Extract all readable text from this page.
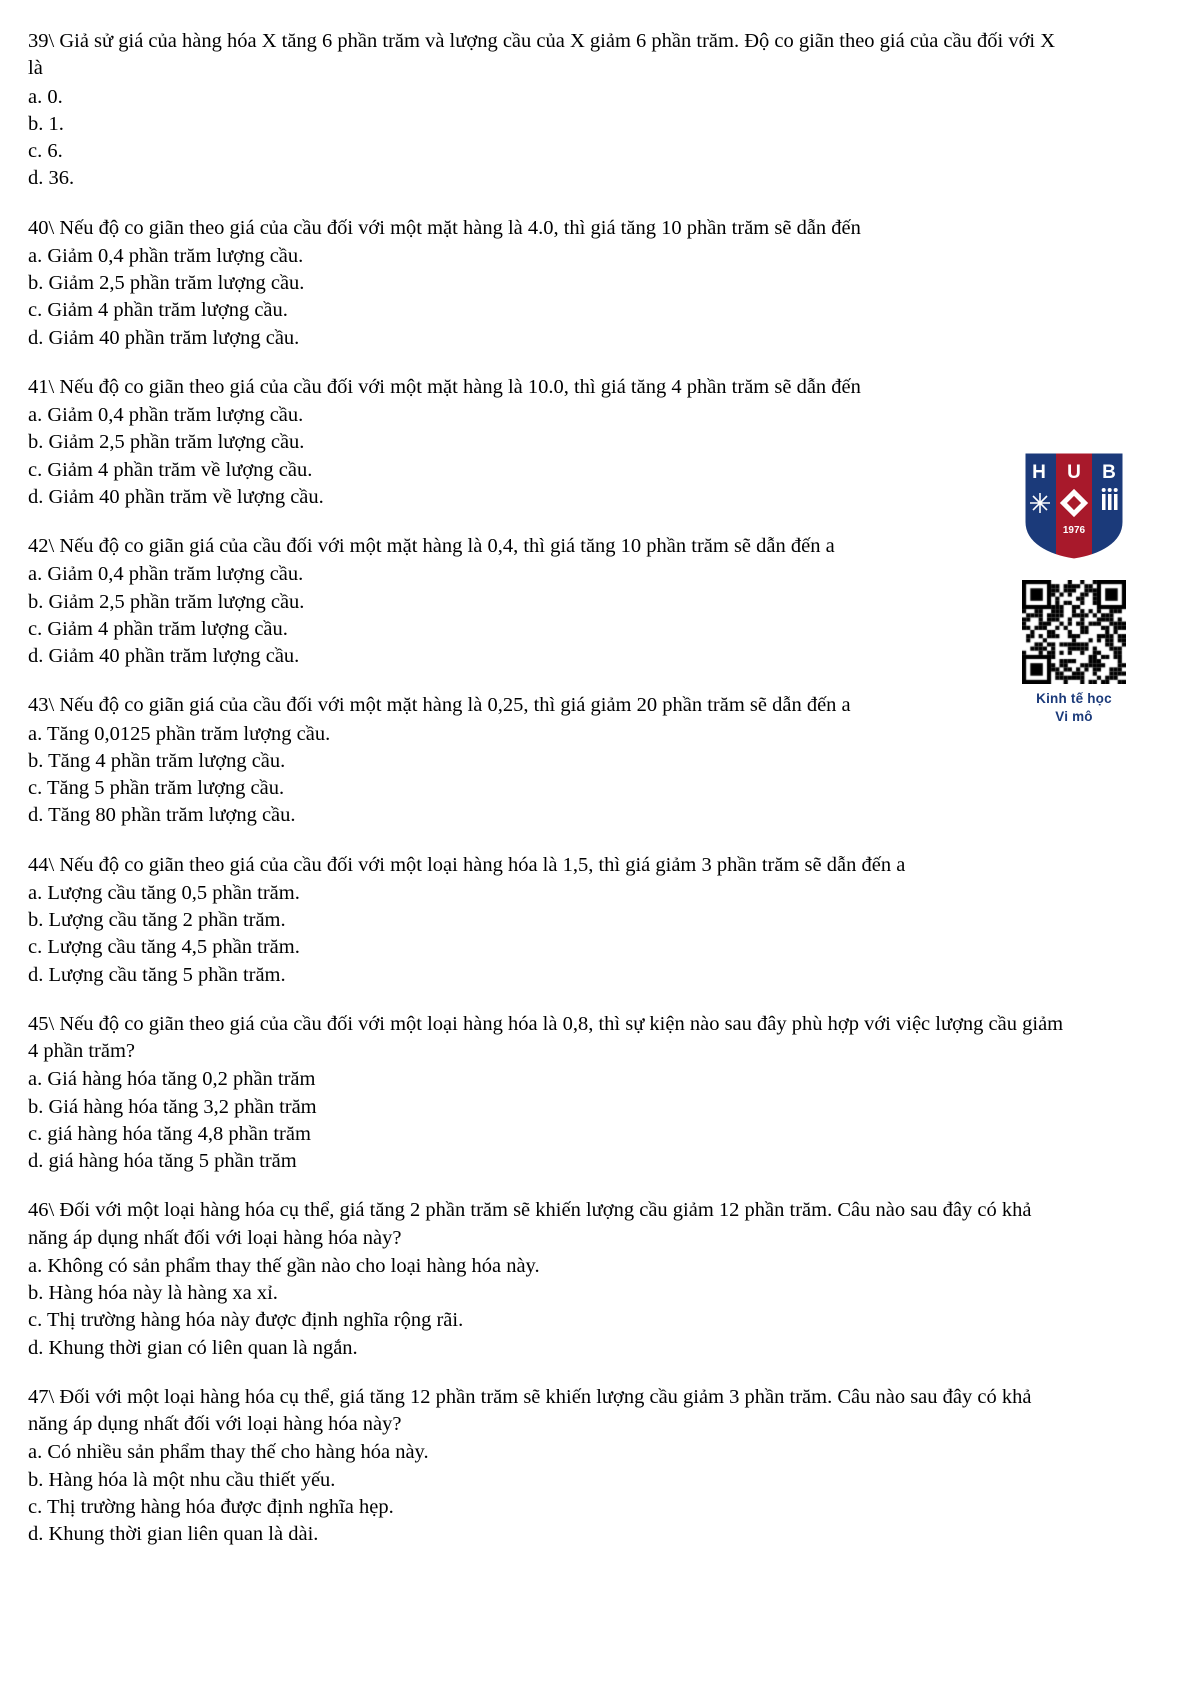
39\ Giả sử giá của hàng hóa X tăng 6 phần trăm và lượng cầu của X giảm 6 phần trăm. Độ co giãn theo giá của cầu đối với X là

a. 0.

b. 1.

c. 6.

d. 36.

40\ Nếu độ co giãn theo giá của cầu đối với một mặt hàng là 4.0, thì giá tăng 10 phần trăm sẽ dẫn đến

a. Giảm 0,4 phần trăm lượng cầu.

b. Giảm 2,5 phần trăm lượng cầu.

c. Giảm 4 phần trăm lượng cầu.

d. Giảm 40 phần trăm lượng cầu.

41\ Nếu độ co giãn theo giá của cầu đối với một mặt hàng là 10.0, thì giá tăng 4 phần trăm sẽ dẫn đến

a. Giảm 0,4 phần trăm lượng cầu.

b. Giảm 2,5 phần trăm lượng cầu.

c. Giảm 4 phần trăm về lượng cầu.

d. Giảm 40 phần trăm về lượng cầu.

42\ Nếu độ co giãn giá của cầu đối với một mặt hàng là 0,4, thì giá tăng 10 phần trăm sẽ dẫn đến a

a. Giảm 0,4 phần trăm lượng cầu.

b. Giảm 2,5 phần trăm lượng cầu.

c. Giảm 4 phần trăm lượng cầu.

d. Giảm 40 phần trăm lượng cầu.

43\ Nếu độ co giãn giá của cầu đối với một mặt hàng là 0,25, thì giá giảm 20 phần trăm sẽ dẫn đến a

a. Tăng 0,0125 phần trăm lượng cầu.

b. Tăng 4 phần trăm lượng cầu.

c. Tăng 5 phần trăm lượng cầu.

d. Tăng 80 phần trăm lượng cầu.

44\ Nếu độ co giãn theo giá của cầu đối với một loại hàng hóa là 1,5, thì giá giảm 3 phần trăm sẽ dẫn đến a

a. Lượng cầu tăng 0,5 phần trăm.

b. Lượng cầu tăng 2 phần trăm.

c. Lượng cầu tăng 4,5 phần trăm.

d. Lượng cầu tăng 5 phần trăm.

45\ Nếu độ co giãn theo giá của cầu đối với một loại hàng hóa là 0,8, thì sự kiện nào sau đây phù hợp với việc lượng cầu giảm 4 phần trăm?

a. Giá hàng hóa tăng 0,2 phần trăm

b. Giá hàng hóa tăng 3,2 phần trăm

c. giá hàng hóa tăng 4,8 phần trăm

d. giá hàng hóa tăng 5 phần trăm

46\ Đối với một loại hàng hóa cụ thể, giá tăng 2 phần trăm sẽ khiến lượng cầu giảm 12 phần trăm. Câu nào sau đây có khả năng áp dụng nhất đối với loại hàng hóa này?

a. Không có sản phẩm thay thế gần nào cho loại hàng hóa này.

b. Hàng hóa này là hàng xa xỉ.

c. Thị trường hàng hóa này được định nghĩa rộng rãi.

d. Khung thời gian có liên quan là ngắn.

47\ Đối với một loại hàng hóa cụ thể, giá tăng 12 phần trăm sẽ khiến lượng cầu giảm 3 phần trăm. Câu nào sau đây có khả năng áp dụng nhất đối với loại hàng hóa này?

a. Có nhiều sản phẩm thay thế cho hàng hóa này.

b. Hàng hóa là một nhu cầu thiết yếu.

c. Thị trường hàng hóa được định nghĩa hẹp.

d. Khung thời gian liên quan là dài.

H U B
1976
Kinh tế học
Vi mô
